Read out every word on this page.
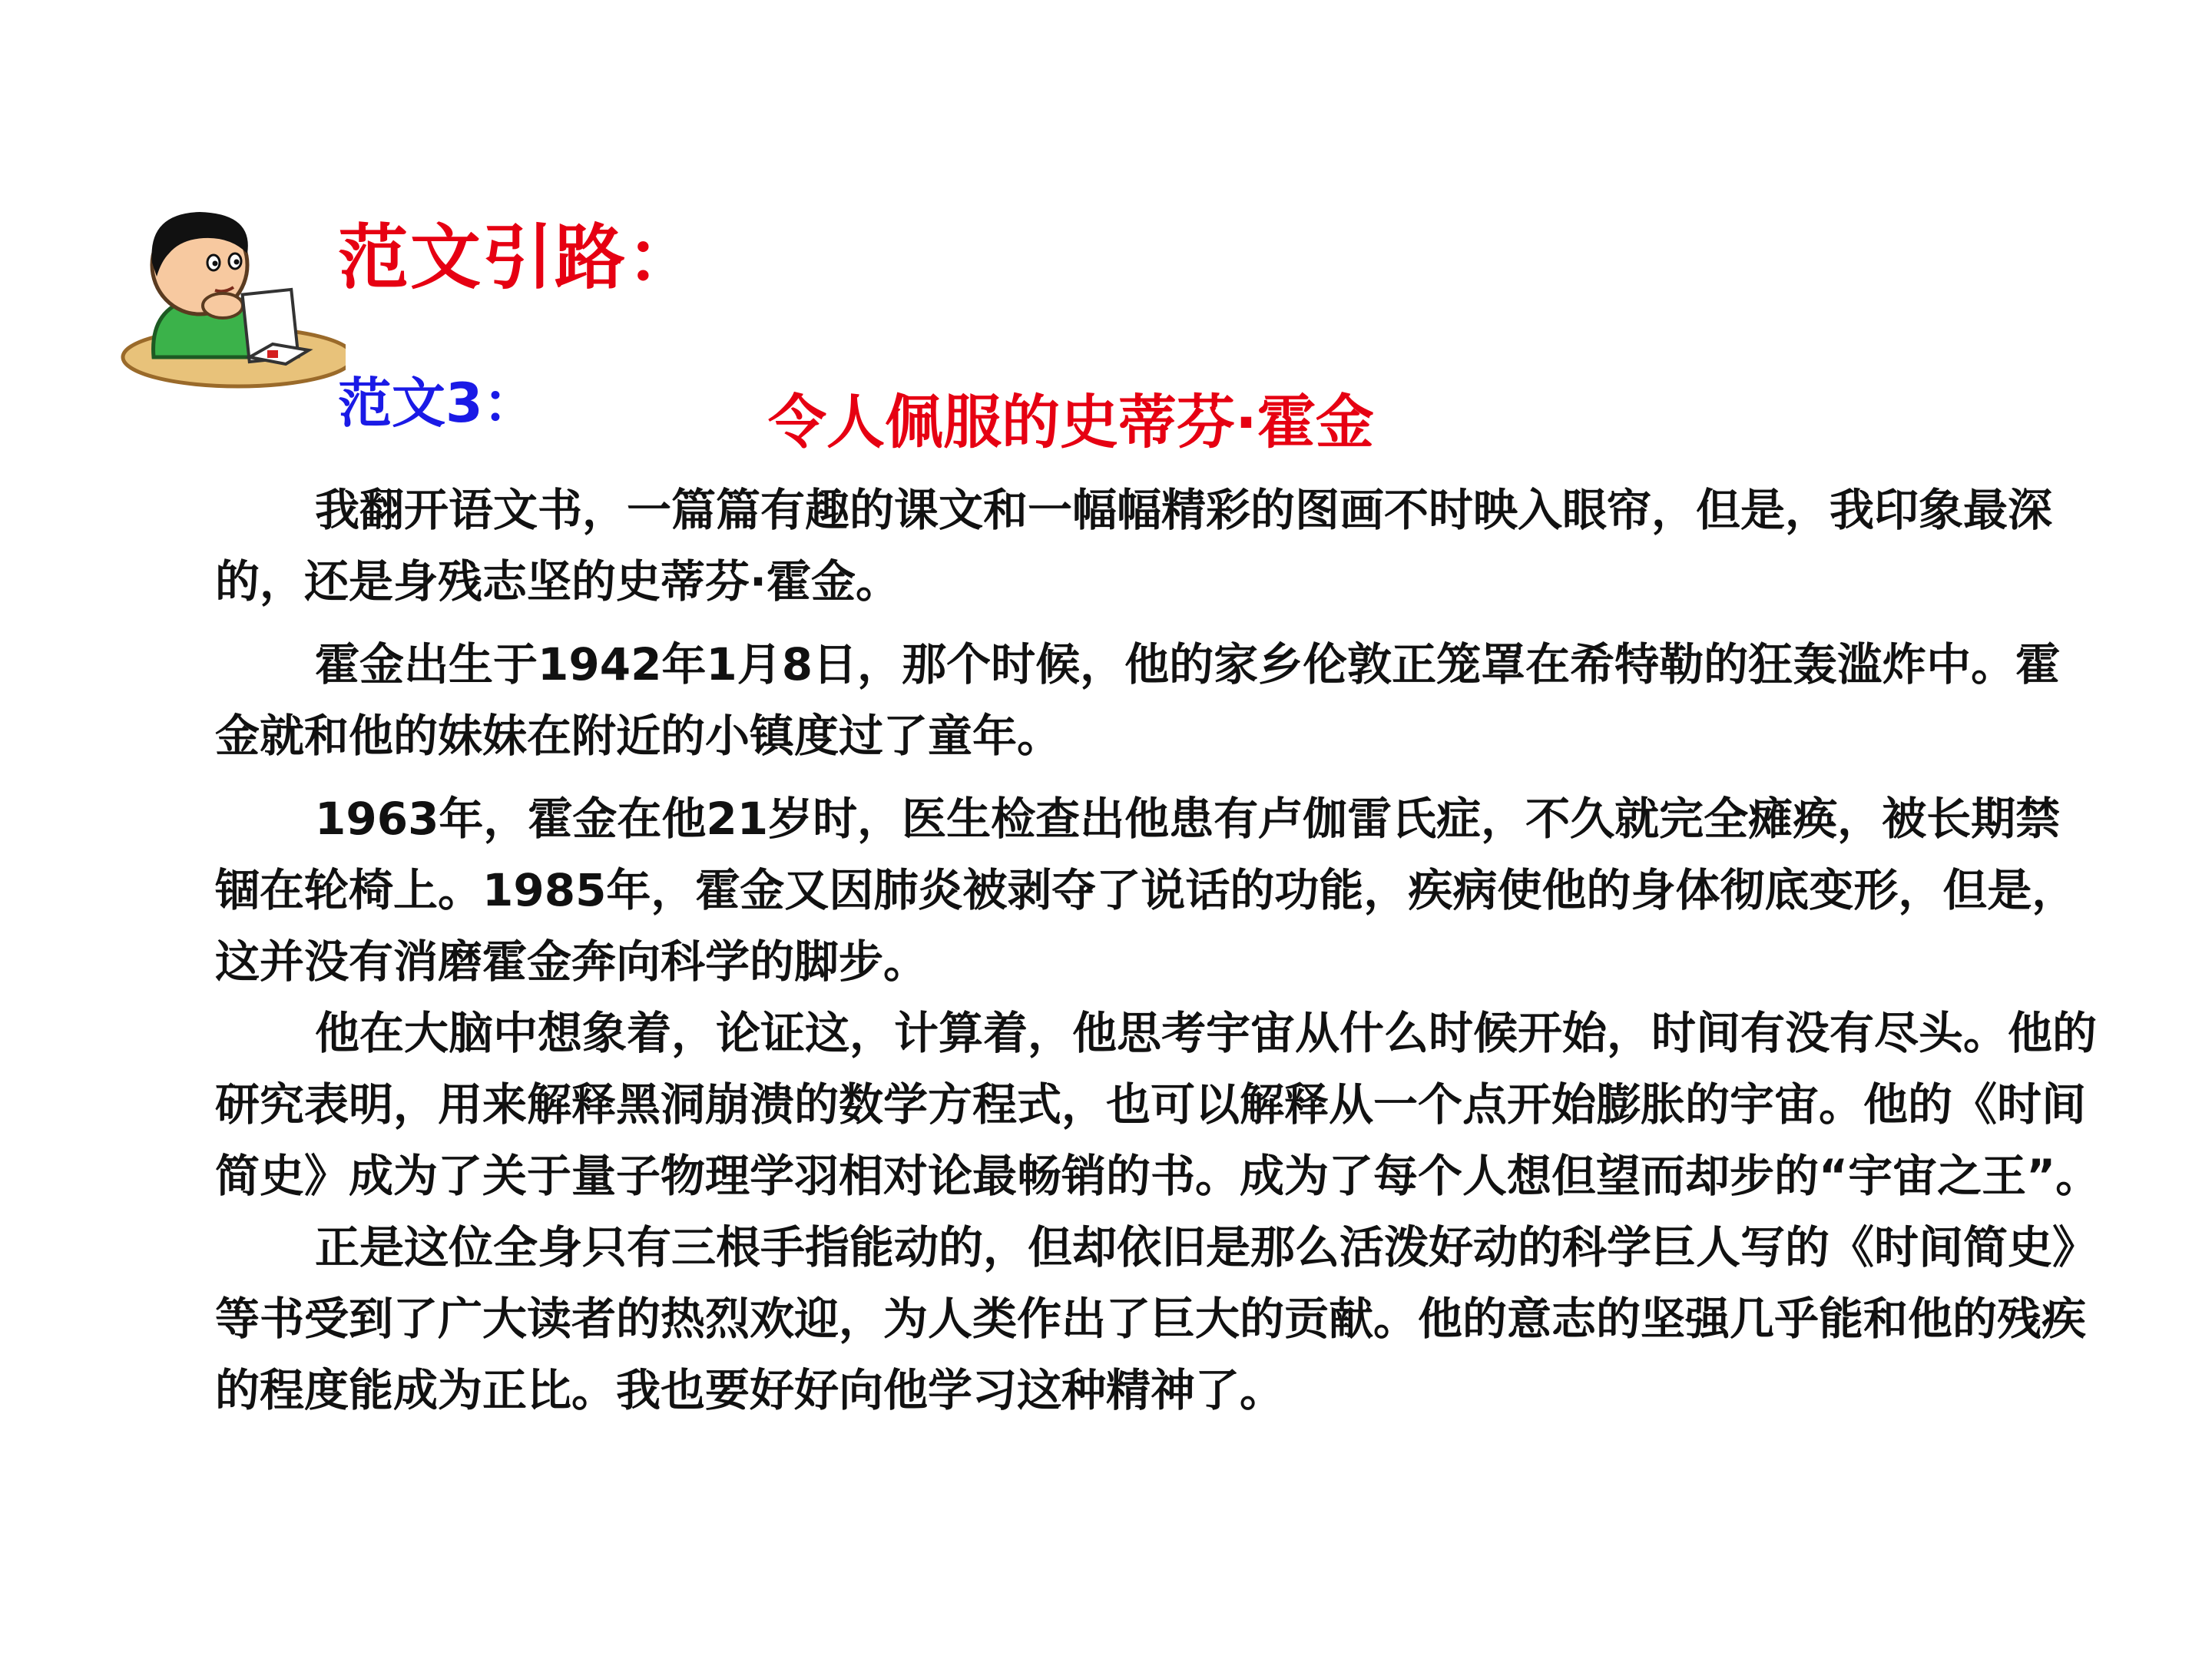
范文引路：
范文3：	令人佩服的史蒂芬·霍金

我翻开语文书，一篇篇有趣的课文和一幅幅精彩的图画不时映入眼帘，但是，我印象最深的，还是身残志坚的史蒂芬·霍金。

霍金出生于1942年1月8日，那个时候，他的家乡伦敦正笼罩在希特勒的狂轰滥炸中。霍金就和他的妹妹在附近的小镇度过了童年。

1963年，霍金在他21岁时，医生检查出他患有卢伽雷氏症，不久就完全瘫痪，被长期禁锢在轮椅上。1985年，霍金又因肺炎被剥夺了说话的功能，疾病使他的身体彻底变形，但是，这并没有消磨霍金奔向科学的脚步。

他在大脑中想象着，论证这，计算着，他思考宇宙从什么时候开始，时间有没有尽头。他的研究表明，用来解释黑洞崩溃的数学方程式，也可以解释从一个点开始膨胀的宇宙。他的《时间简史》成为了关于量子物理学羽相对论最畅销的书。成为了每个人想但望而却步的“宇宙之王”。

正是这位全身只有三根手指能动的，但却依旧是那么活泼好动的科学巨人写的《时间简史》等书受到了广大读者的热烈欢迎，为人类作出了巨大的贡献。他的意志的坚强几乎能和他的残疾的程度能成为正比。我也要好好向他学习这种精神了。
